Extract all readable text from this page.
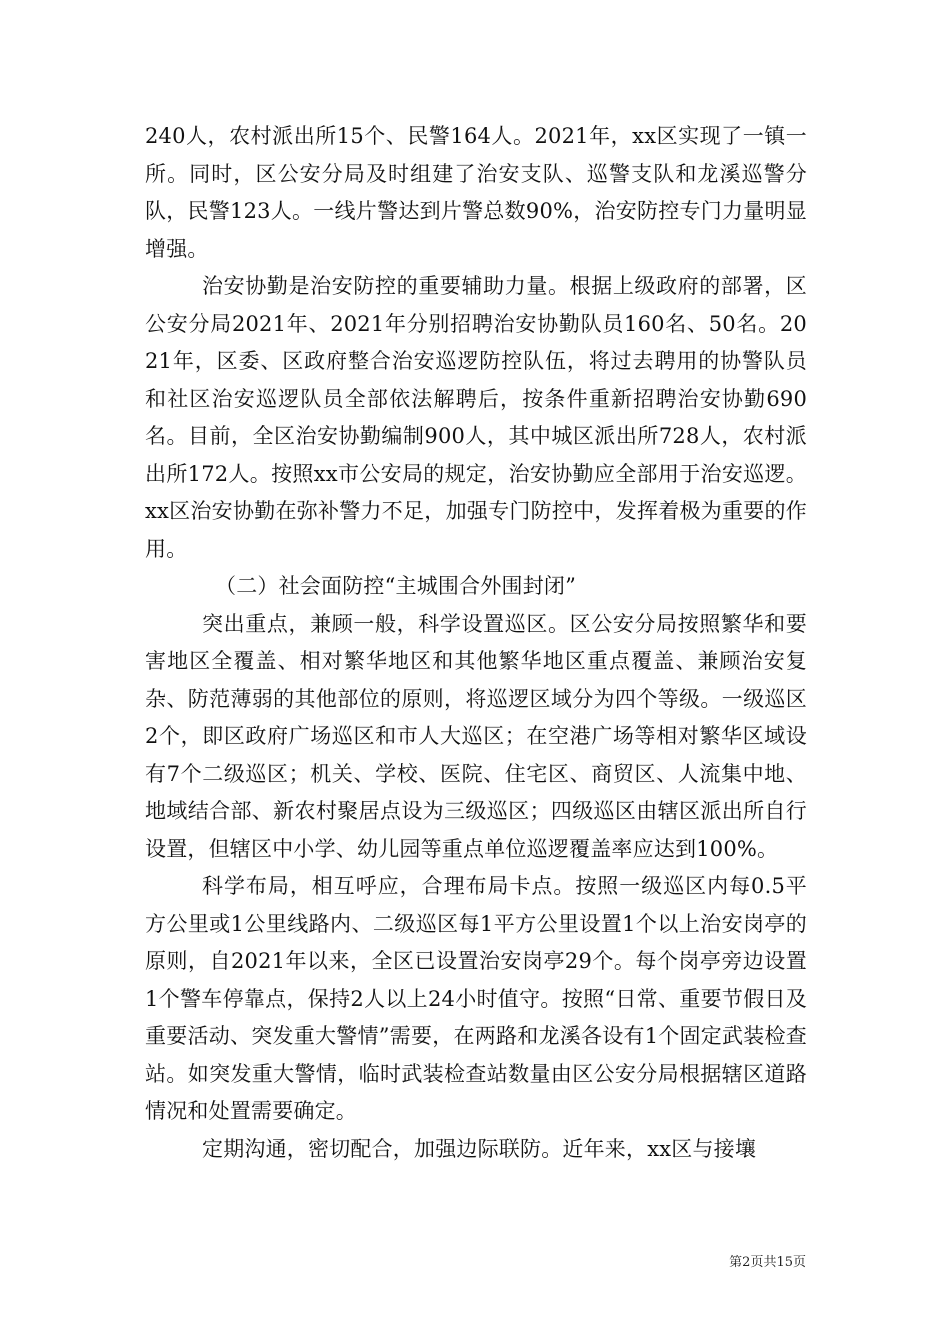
240人，农村派出所15个、民警164人。2021年，xx区实现了一镇一所。同时，区公安分局及时组建了治安支队、巡警支队和龙溪巡警分队，民警123人。一线片警达到片警总数90%，治安防控专门力量明显增强。

治安协勤是治安防控的重要辅助力量。根据上级政府的部署，区公安分局2021年、2021年分别招聘治安协勤队员160名、50名。2021年，区委、区政府整合治安巡逻防控队伍，将过去聘用的协警队员和社区治安巡逻队员全部依法解聘后，按条件重新招聘治安协勤690名。目前，全区治安协勤编制900人，其中城区派出所728人，农村派出所172人。按照xx市公安局的规定，治安协勤应全部用于治安巡逻。xx区治安协勤在弥补警力不足，加强专门防控中，发挥着极为重要的作用。

（二）社会面防控“主城围合外围封闭”

突出重点，兼顾一般，科学设置巡区。区公安分局按照繁华和要害地区全覆盖、相对繁华地区和其他繁华地区重点覆盖、兼顾治安复杂、防范薄弱的其他部位的原则，将巡逻区域分为四个等级。一级巡区2个，即区政府广场巡区和市人大巡区；在空港广场等相对繁华区域设有7个二级巡区；机关、学校、医院、住宅区、商贸区、人流集中地、地域结合部、新农村聚居点设为三级巡区；四级巡区由辖区派出所自行设置，但辖区中小学、幼儿园等重点单位巡逻覆盖率应达到100%。

科学布局，相互呼应，合理布局卡点。按照一级巡区内每0.5平方公里或1公里线路内、二级巡区每1平方公里设置1个以上治安岗亭的原则，自2021年以来，全区已设置治安岗亭29个。每个岗亭旁边设置1个警车停靠点，保持2人以上24小时值守。按照“日常、重要节假日及重要活动、突发重大警情”需要，在两路和龙溪各设有1个固定武装检查站。如突发重大警情，临时武装检查站数量由区公安分局根据辖区道路情况和处置需要确定。

定期沟通，密切配合，加强边际联防。近年来，xx区与接壤

第2页共15页
